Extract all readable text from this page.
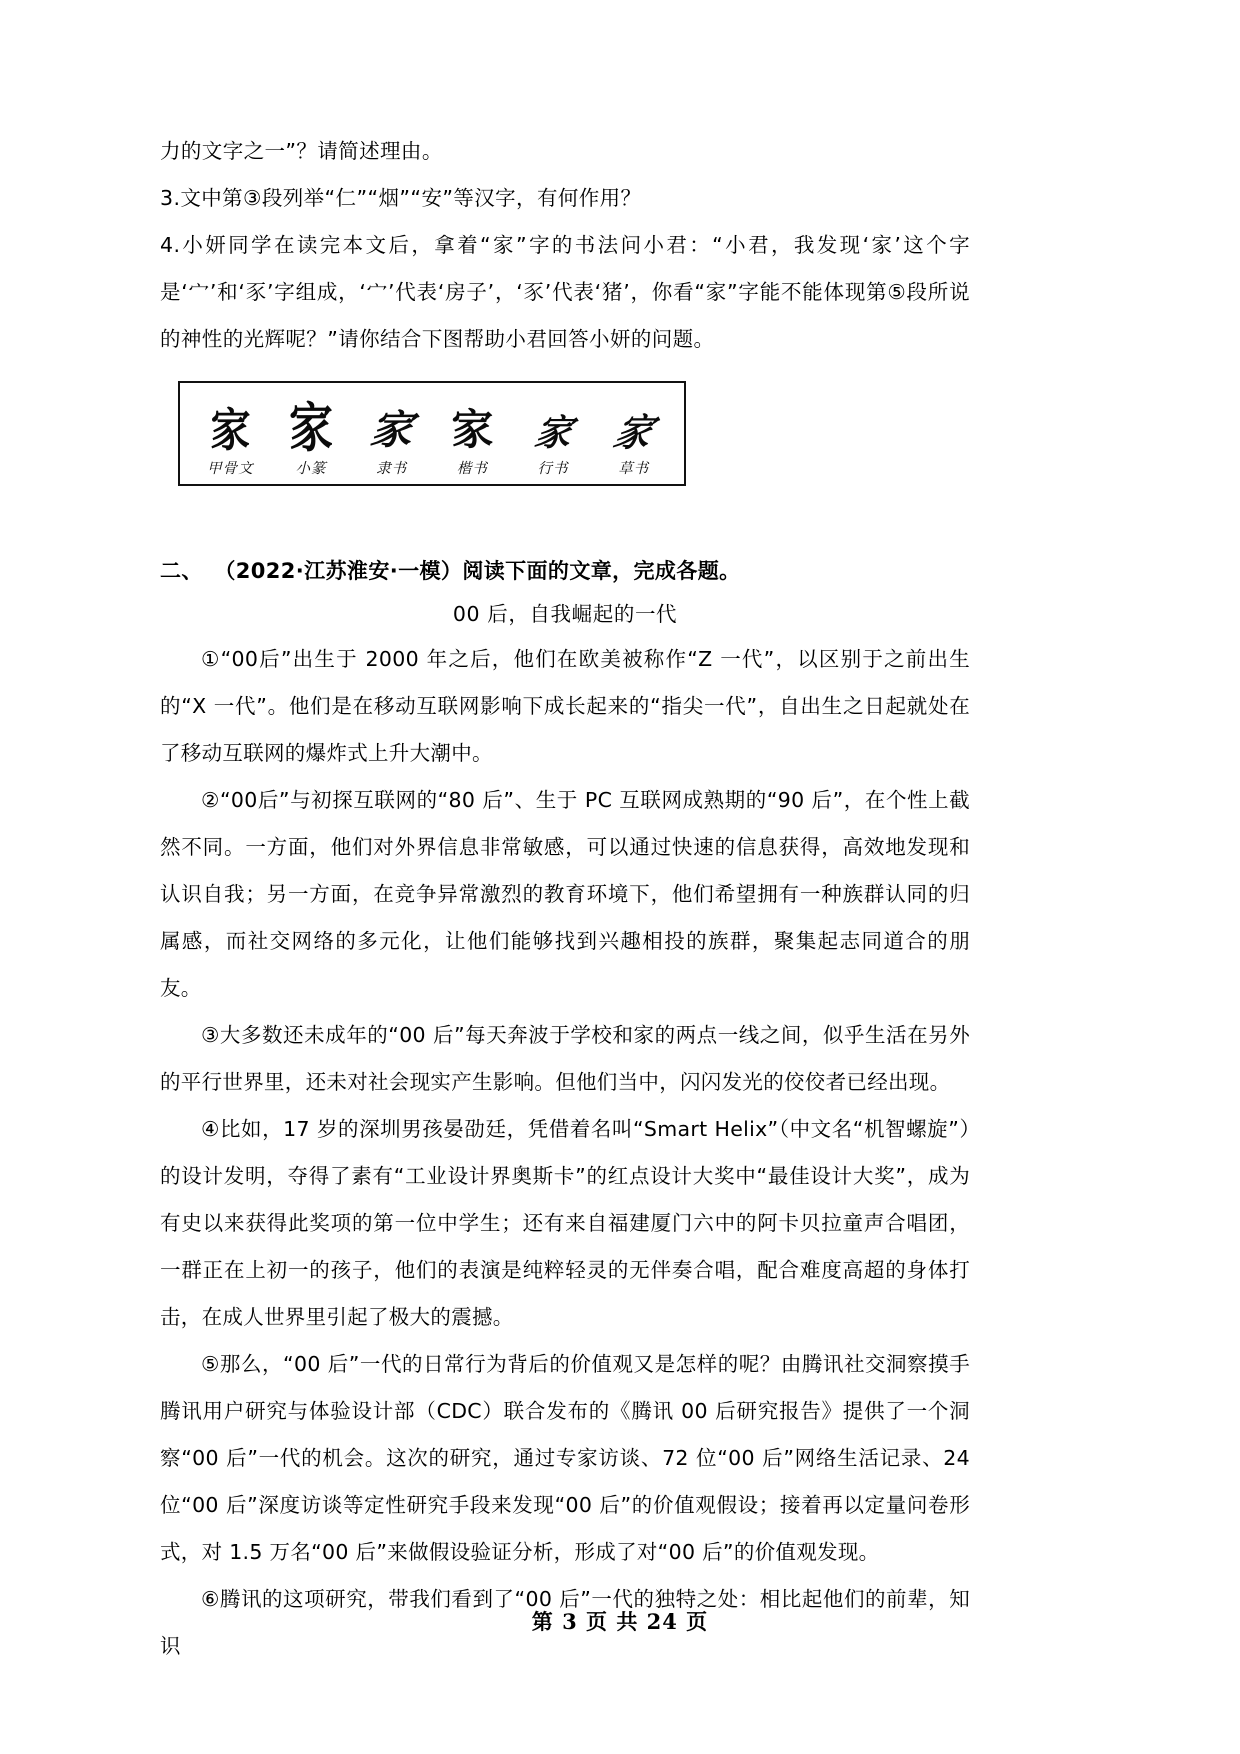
力的文字之一”？请简述理由。

3.文中第③段列举“仁”“烟”“安”等汉字，有何作用？

4.小妍同学在读完本文后，拿着“家”字的书法问小君：“小君，我发现‘家’这个字是‘宀’和‘豕’字组成，‘宀’代表‘房子’，‘豕’代表‘猪’，你看“家”字能不能体现第⑤段所说的神性的光辉呢？”请你结合下图帮助小君回答小妍的问题。

家 家 家 家	家 家
甲骨文	小篆	隶书	楷书	行书	草书

二、 （2022·江苏淮安·一模）阅读下面的文章，完成各题。

00 后，自我崛起的一代

①“00后”出生于 2000 年之后，他们在欧美被称作“Z 一代”，以区别于之前出生的“X 一代”。他们是在移动互联网影响下成长起来的“指尖一代”，自出生之日起就处在了移动互联网的爆炸式上升大潮中。

②“00后”与初探互联网的“80 后”、生于 PC 互联网成熟期的“90 后”，在个性上截然不同。一方面，他们对外界信息非常敏感，可以通过快速的信息获得，高效地发现和认识自我；另一方面，在竞争异常激烈的教育环境下，他们希望拥有一种族群认同的归属感，而社交网络的多元化，让他们能够找到兴趣相投的族群，聚集起志同道合的朋友。

③大多数还未成年的“00 后”每天奔波于学校和家的两点一线之间，似乎生活在另外的平行世界里，还未对社会现实产生影响。但他们当中，闪闪发光的佼佼者已经出现。

④比如，17 岁的深圳男孩晏劭廷，凭借着名叫“Smart Helix”（中文名“机智螺旋”）的设计发明，夺得了素有“工业设计界奥斯卡”的红点设计大奖中“最佳设计大奖”，成为有史以来获得此奖项的第一位中学生；还有来自福建厦门六中的阿卡贝拉童声合唱团，一群正在上初一的孩子，他们的表演是纯粹轻灵的无伴奏合唱，配合难度高超的身体打击，在成人世界里引起了极大的震撼。

⑤那么，“00 后”一代的日常行为背后的价值观又是怎样的呢？由腾讯社交洞察摸手腾讯用户研究与体验设计部（CDC）联合发布的《腾讯 00 后研究报告》提供了一个洞察“00 后”一代的机会。这次的研究，通过专家访谈、72 位“00 后”网络生活记录、24 位“00 后”深度访谈等定性研究手段来发现“00 后”的价值观假设；接着再以定量问卷形式，对 1.5 万名“00 后”来做假设验证分析，形成了对“00 后”的价值观发现。

⑥腾讯的这项研究，带我们看到了“00 后”一代的独特之处：相比起他们的前辈，知识

第 3 页 共 24 页
